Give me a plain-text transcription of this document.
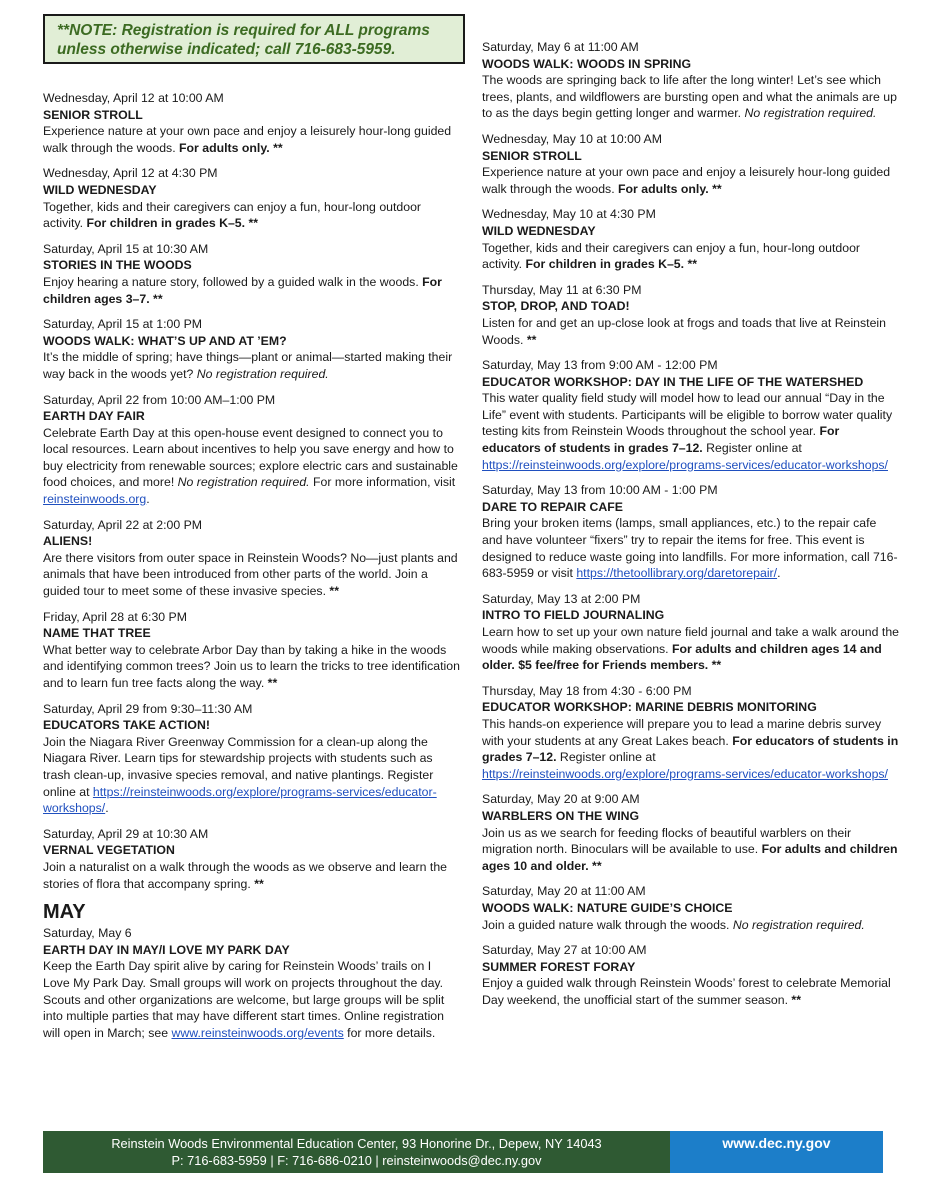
**NOTE: Registration is required for ALL programs
unless otherwise indicated; call 716-683-5959.
Wednesday, April 12 at 10:00 AM
SENIOR STROLL
Experience nature at your own pace and enjoy a leisurely hour-long guided walk through the woods. For adults only. **
Wednesday, April 12 at 4:30 PM
WILD WEDNESDAY
Together, kids and their caregivers can enjoy a fun, hour-long outdoor activity. For children in grades K–5. **
Saturday, April 15 at 10:30 AM
STORIES IN THE WOODS
Enjoy hearing a nature story, followed by a guided walk in the woods. For children ages 3–7. **
Saturday, April 15 at 1:00 PM
WOODS WALK: WHAT’S UP AND AT ’EM?
It’s the middle of spring; have things—plant or animal—started making their way back in the woods yet? No registration required.
Saturday, April 22 from 10:00 AM–1:00 PM
EARTH DAY FAIR
Celebrate Earth Day at this open-house event designed to connect you to local resources. Learn about incentives to help you save energy and how to buy electricity from renewable sources; explore electric cars and sustainable food choices, and more! No registration required. For more information, visit reinsteinwoods.org.
Saturday, April 22 at 2:00 PM
ALIENS!
Are there visitors from outer space in Reinstein Woods? No—just plants and animals that have been introduced from other parts of the world. Join a guided tour to meet some of these invasive species. **
Friday, April 28 at 6:30 PM
NAME THAT TREE
What better way to celebrate Arbor Day than by taking a hike in the woods and identifying common trees? Join us to learn the tricks to tree identification and to learn fun tree facts along the way. **
Saturday, April 29 from 9:30–11:30 AM
EDUCATORS TAKE ACTION!
Join the Niagara River Greenway Commission for a clean-up along the Niagara River. Learn tips for stewardship projects with students such as trash clean-up, invasive species removal, and native plantings. Register online at https://reinsteinwoods.org/explore/programs-services/educator-workshops/.
Saturday, April 29 at 10:30 AM
VERNAL VEGETATION
Join a naturalist on a walk through the woods as we observe and learn the stories of flora that accompany spring. **
MAY
Saturday, May 6
EARTH DAY IN MAY/I LOVE MY PARK DAY
Keep the Earth Day spirit alive by caring for Reinstein Woods’ trails on I Love My Park Day. Small groups will work on projects throughout the day. Scouts and other organizations are welcome, but large groups will be split into multiple parties that may have different start times. Online registration will open in March; see www.reinsteinwoods.org/events for more details.
Saturday, May 6 at 11:00 AM
WOODS WALK: WOODS IN SPRING
The woods are springing back to life after the long winter! Let’s see which trees, plants, and wildflowers are bursting open and what the animals are up to as the days begin getting longer and warmer. No registration required.
Wednesday, May 10 at 10:00 AM
SENIOR STROLL
Experience nature at your own pace and enjoy a leisurely hour-long guided walk through the woods. For adults only. **
Wednesday, May 10 at 4:30 PM
WILD WEDNESDAY
Together, kids and their caregivers can enjoy a fun, hour-long outdoor activity. For children in grades K–5. **
Thursday, May 11 at 6:30 PM
STOP, DROP, AND TOAD!
Listen for and get an up-close look at frogs and toads that live at Reinstein Woods. **
Saturday, May 13 from 9:00 AM - 12:00 PM
EDUCATOR WORKSHOP: DAY IN THE LIFE OF THE WATERSHED
This water quality field study will model how to lead our annual “Day in the Life” event with students. Participants will be eligible to borrow water quality testing kits from Reinstein Woods throughout the school year. For educators of students in grades 7–12. Register online at https://reinsteinwoods.org/explore/programs-services/educator-workshops/
Saturday, May 13 from 10:00 AM - 1:00 PM
DARE TO REPAIR CAFE
Bring your broken items (lamps, small appliances, etc.) to the repair cafe and have volunteer “fixers” try to repair the items for free. This event is designed to reduce waste going into landfills. For more information, call 716-683-5959 or visit https://thetoollibrary.org/daretorepair/.
Saturday, May 13 at 2:00 PM
INTRO TO FIELD JOURNALING
Learn how to set up your own nature field journal and take a walk around the woods while making observations. For adults and children ages 14 and older. $5 fee/free for Friends members. **
Thursday, May 18 from 4:30 - 6:00 PM
EDUCATOR WORKSHOP: MARINE DEBRIS MONITORING
This hands-on experience will prepare you to lead a marine debris survey with your students at any Great Lakes beach. For educators of students in grades 7–12. Register online at https://reinsteinwoods.org/explore/programs-services/educator-workshops/
Saturday, May 20 at 9:00 AM
WARBLERS ON THE WING
Join us as we search for feeding flocks of beautiful warblers on their migration north. Binoculars will be available to use. For adults and children ages 10 and older. **
Saturday, May 20 at 11:00 AM
WOODS WALK: NATURE GUIDE’S CHOICE
Join a guided nature walk through the woods. No registration required.
Saturday, May 27 at 10:00 AM
SUMMER FOREST FORAY
Enjoy a guided walk through Reinstein Woods’ forest to celebrate Memorial Day weekend, the unofficial start of the summer season. **
Reinstein Woods Environmental Education Center, 93 Honorine Dr., Depew, NY 14043
P: 716-683-5959 | F: 716-686-0210 | reinsteinwoods@dec.ny.gov
www.dec.ny.gov
